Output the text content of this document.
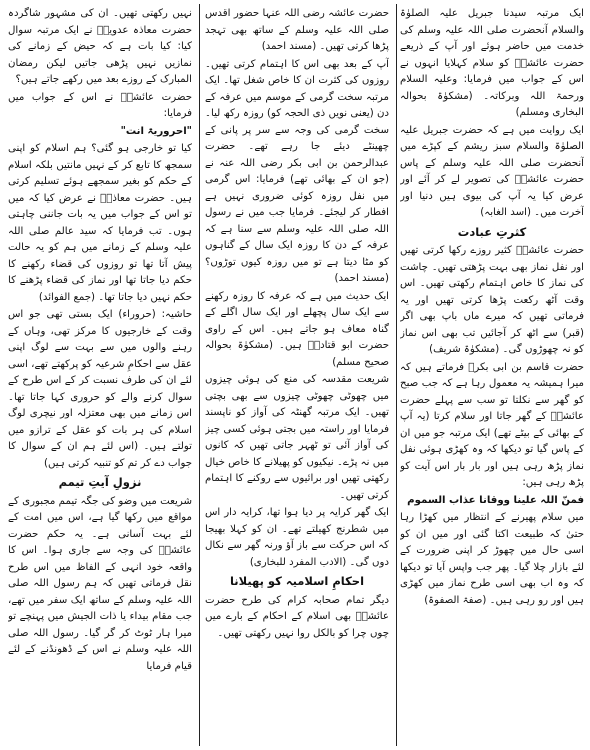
ایک مرتبہ سیدنا جبریل علیہ الصلوٰۃ والسلام آنحضرت صلی اللہ علیہ وسلم کی خدمت میں حاضر ہوئے اور آپ کے ذریعے حضرت عائشہؓ کو سلام کہلایا انہوں نے اس کے جواب میں فرمایا: وعلیہ السلام ورحمۃ اللہ وبرکاتہ۔ (مشکوٰۃ بحوالہ البخاری ومسلم)

ایک روایت میں ہے کہ حضرت جبریل علیہ الصلوٰۃ والسلام سبز ریشم کے کپڑے میں آنحضرت صلی اللہ علیہ وسلم کے پاس حضرت عائشہؓ کی تصویر لے کر آئے اور عرض کیا یہ آپ کی بیوی ہیں دنیا اور آخرت میں۔ (اسد الغابہ)

کثرتِ عبادت

حضرت عائشہؓ کثیر روزے رکھا کرتی تھیں اور نفل نماز بھی بہت پڑھتی تھیں۔ چاشت کی نماز کا خاص اہتمام رکھتی تھیں۔ اس وقت آٹھ رکعت پڑھا کرتی تھیں اور یہ فرماتی تھیں کہ میرے ماں باپ بھی اگر (قبر) سے اٹھ کر آجائیں تب بھی اس نماز کو نہ چھوڑوں گی۔ (مشکوٰۃ شریف)

حضرت قاسم بن ابی بکرؒ فرماتے ہیں کہ میرا ہمیشہ یہ معمول رہا ہے کہ جب صبح کو گھر سے نکلتا تو سب سے پہلے حضرت عائشہؓ کے گھر جاتا اور سلام کرتا (یہ آپ کے بھائی کے بیٹے تھے) ایک مرتبہ جو میں ان کے پاس گیا تو دیکھا کہ وہ کھڑی ہوئی نفل نماز پڑھ رہی ہیں اور بار بار اس آیت کو پڑھ رہی ہیں:

فمنّ اللہ علینا ووقانا عذاب السموم

میں سلام پھیرنے کے انتظار میں کھڑا رہا حتیٰ کہ طبیعت اکتا گئی اور میں ان کو اسی حال میں چھوڑ کر اپنی ضرورت کے لئے بازار چلا گیا۔ پھر جب واپس آیا تو دیکھا کہ وہ اب بھی اسی طرح نماز میں کھڑی ہیں اور رو رہی ہیں۔ (صفۃ الصفوۃ)

حضرت عائشہ رضی اللہ عنہا حضور اقدس صلی اللہ علیہ وسلم کے ساتھ بھی تہجد پڑھا کرتی تھیں۔ (مسند احمد)

آپ کے بعد بھی اس کا اہتمام کرتی تھیں۔ روزوں کی کثرت ان کا خاص شغل تھا۔ ایک مرتبہ سخت گرمی کے موسم میں عرفہ کے دن (یعنی نویں ذی الحجہ کو) روزہ رکھ لیا۔ سخت گرمی کی وجہ سے سر پر پانی کے چھینٹے دیئے جا رہے تھے۔ حضرت عبدالرحمن بن ابی بکر رضی اللہ عنہ نے (جو ان کے بھائی تھے) فرمایا: اس گرمی میں نفل روزہ کوئی ضروری نہیں ہے افطار کر لیجئے۔ فرمایا جب میں نے رسول اللہ صلی اللہ علیہ وسلم سے سنا ہے کہ عرفہ کے دن کا روزہ ایک سال کے گناہوں کو مٹا دیتا ہے تو میں روزہ کیوں توڑوں؟ (مسند احمد)

ایک حدیث میں ہے کہ عرفہ کا روزہ رکھنے سے ایک سال پچھلے اور ایک سال اگلے کے گناہ معاف ہو جاتے ہیں۔ اس کے راوی حضرت ابو قتادہؓ ہیں۔ (مشکوٰۃ بحوالہ صحیح مسلم)

شریعت مقدسہ کی منع کی ہوئی چیزوں میں چھوٹی چھوٹی چیزوں سے بھی بچتی تھیں۔ ایک مرتبہ گھنٹہ کی آواز کو ناپسند فرمایا اور راستہ میں بجتی ہوئی کسی چیز کی آواز آئی تو ٹھہر جاتی تھیں کہ کانوں میں نہ پڑے۔ نیکیوں کو پھیلانے کا خاص خیال رکھتی تھیں اور برائیوں سے روکنے کا اہتمام کرتی تھیں۔

ایک گھر کرایہ پر دیا ہوا تھا، کرایہ دار اس میں شطرنج کھیلتے تھے۔ ان کو کہلا بھیجا کہ اس حرکت سے باز آؤ ورنہ گھر سے نکال دوں گی۔ (الادب المفرد للبخاری)

احکامِ اسلامیہ کو پھیلانا

دیگر تمام صحابہ کرام کی طرح حضرت عائشہؓ بھی اسلام کے احکام کے بارے میں چوں چرا کو بالکل روا نہیں رکھتی تھیں۔

نہیں رکھتی تھیں۔ ان کی مشہور شاگردہ حضرت معاذہ عدویہؒ نے ایک مرتبہ سوال کیا: کیا بات ہے کہ حیض کے زمانے کی نمازیں نہیں پڑھی جاتیں لیکن رمضان المبارک کے روزے بعد میں رکھے جاتے ہیں؟

حضرت عائشہؓ نے اس کے جواب میں فرمایا:

"احروریۃ انت"

کیا تو خارجی ہو گئی؟ ہم اسلام کو اپنی سمجھ کا تابع کر کے نہیں مانتیں بلکہ اسلام کے حکم کو بغیر سمجھے ہوئے تسلیم کرتی ہیں۔ حضرت معاذہؒ نے عرض کیا کہ میں تو اس کے جواب میں یہ بات جاننی چاہتی ہوں۔ تب فرمایا کہ سید عالم صلی اللہ علیہ وسلم کے زمانے میں ہم کو یہ حالت پیش آتا تھا تو روزوں کی قضاء رکھنے کا حکم دیا جاتا تھا اور نماز کی قضاء پڑھنے کا حکم نہیں دیا جاتا تھا۔ (جمع الفوائد)

حاشیہ: (حروراء) ایک بستی تھی جو اس وقت کے خارجیوں کا مرکز تھی، وہاں کے رہنے والوں میں سے بہت سے لوگ اپنی عقل سے احکامِ شرعیہ کو پرکھتے تھے، اسی لئے ان کی طرف نسبت کر کے اس طرح کے سوال کرنے والے کو حروری کہا جاتا تھا۔ اس زمانے میں بھی معتزلہ اور نیچری لوگ اسلام کی ہر بات کو عقل کے ترازو میں تولتے ہیں۔ (اس لئے ہم ان کے سوال کا جواب دے کر تم کو تنبیہ کرتی ہیں)

نزولِ آیتِ تیمم

شریعت میں وضو کی جگہ تیمم مجبوری کے مواقع میں رکھا گیا ہے، اس میں امت کے لئے بہت آسانی ہے۔ یہ حکم حضرت عائشہؓ کی وجہ سے جاری ہوا۔ اس کا واقعہ خود انہی کے الفاظ میں اس طرح نقل فرماتی تھیں کہ ہم رسول اللہ صلی اللہ علیہ وسلم کے ساتھ ایک سفر میں تھے، جب مقام بیداء یا ذات الجیش میں پہنچے تو میرا ہار ٹوٹ کر گر گیا۔ رسول اللہ صلی اللہ علیہ وسلم نے اس کے ڈھونڈنے کے لئے قیام فرمایا
